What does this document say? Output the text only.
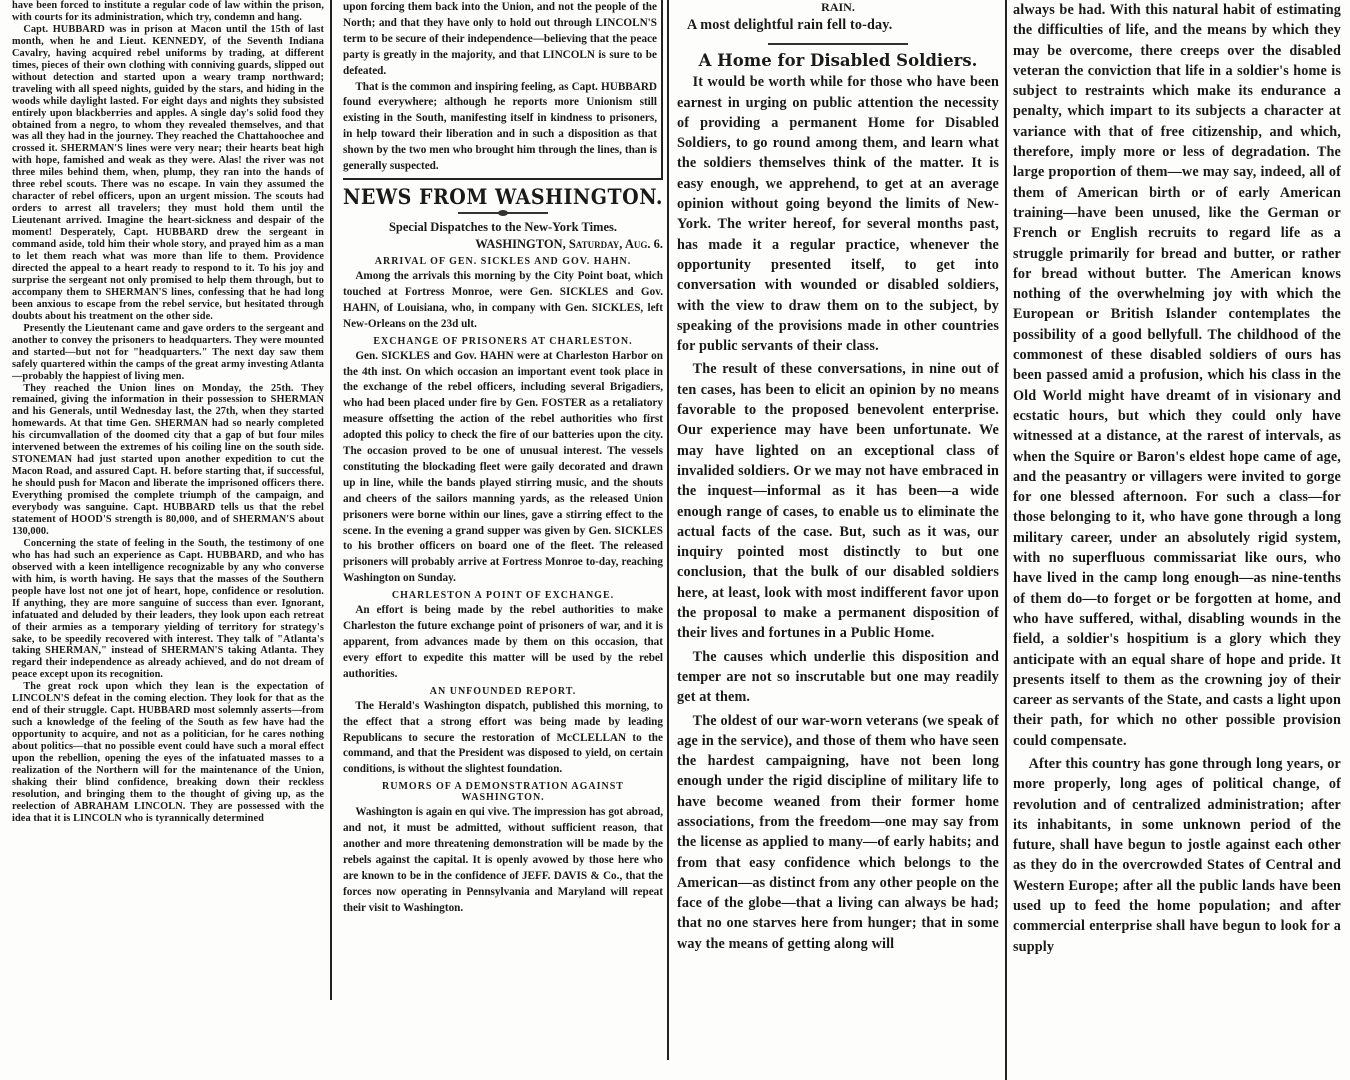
have been forced to institute a regular code of law within the prison, with courts for its administration, which try, condemn and hang.

Capt. HUBBARD was in prison at Macon until the 15th of last month, when he and Lieut. KENNEDY, of the Seventh Indiana Cavalry, having acquired rebel uniforms by trading, at different times, pieces of their own clothing with conniving guards, slipped out without detection and started upon a weary tramp northward; traveling with all speed nights, guided by the stars, and hiding in the woods while daylight lasted. For eight days and nights they subsisted entirely upon blackberries and apples. A single day's solid food they obtained from a negro, to whom they revealed themselves, and that was all they had in the journey. They reached the Chattahoochee and crossed it. SHERMAN'S lines were very near; their hearts beat high with hope, famished and weak as they were. Alas! the river was not three miles behind them, when, plump, they ran into the hands of three rebel scouts. There was no escape. In vain they assumed the character of rebel officers, upon an urgent mission. The scouts had orders to arrest all travelers; they must hold them until the Lieutenant arrived. Imagine the heart-sickness and despair of the moment! Desperately, Capt. HUBBARD drew the sergeant in command aside, told him their whole story, and prayed him as a man to let them reach what was more than life to them. Providence directed the appeal to a heart ready to respond to it. To his joy and surprise the sergeant not only promised to help them through, but to accompany them to SHERMAN'S lines, confessing that he had long been anxious to escape from the rebel service, but hesitated through doubts about his treatment on the other side.

Presently the Lieutenant came and gave orders to the sergeant and another to convey the prisoners to headquarters. They were mounted and started—but not for "headquarters." The next day saw them safely quartered within the camps of the great army investing Atlanta—probably the happiest of living men.

They reached the Union lines on Monday, the 25th. They remained, giving the information in their possession to SHERMAN and his Generals, until Wednesday last, the 27th, when they started homewards. At that time Gen. SHERMAN had so nearly completed his circumvallation of the doomed city that a gap of but four miles intervened between the extremes of his coiling line on the south side. STONEMAN had just started upon another expedition to cut the Macon Road, and assured Capt. H. before starting that, if successful, he should push for Macon and liberate the imprisoned officers there. Everything promised the complete triumph of the campaign, and everybody was sanguine. Capt. HUBBARD tells us that the rebel statement of HOOD'S strength is 80,000, and of SHERMAN'S about 130,000.

Concerning the state of feeling in the South, the testimony of one who has had such an experience as Capt. HUBBARD, and who has observed with a keen intelligence recognizable by any who converse with him, is worth having. He says that the masses of the Southern people have lost not one jot of heart, hope, confidence or resolution. If anything, they are more sanguine of success than ever. Ignorant, infatuated and deluded by their leaders, they look upon each retreat of their armies as a temporary yielding of territory for strategy's sake, to be speedily recovered with interest. They talk of "Atlanta's taking SHERMAN," instead of SHERMAN'S taking Atlanta. They regard their independence as already achieved, and do not dream of peace except upon its recognition.

The great rock upon which they lean is the expectation of LINCOLN'S defeat in the coming election. They look for that as the end of their struggle. Capt. HUBBARD most solemnly asserts—from such a knowledge of the feeling of the South as few have had the opportunity to acquire, and not as a politician, for he cares nothing about politics—that no possible event could have such a moral effect upon the rebellion, opening the eyes of the infatuated masses to a realization of the Northern will for the maintenance of the Union, shaking their blind confidence, breaking down their reckless resolution, and bringing them to the thought of giving up, as the reelection of ABRAHAM LINCOLN. They are possessed with the idea that it is LINCOLN who is tyrannically determined

upon forcing them back into the Union, and not the people of the North; and that they have only to hold out through LINCOLN'S term to be secure of their independence—believing that the peace party is greatly in the majority, and that LINCOLN is sure to be defeated.

That is the common and inspiring feeling, as Capt. HUBBARD found everywhere; although he reports more Unionism still existing in the South, manifesting itself in kindness to prisoners, in help toward their liberation and in such a disposition as that shown by the two men who brought him through the lines, than is generally suspected.

NEWS FROM WASHINGTON.
Special Dispatches to the New-York Times.
WASHINGTON, Saturday, Aug. 6.
ARRIVAL OF GEN. SICKLES AND GOV. HAHN.

Among the arrivals this morning by the City Point boat, which touched at Fortress Monroe, were Gen. SICKLES and Gov. HAHN, of Louisiana, who, in company with Gen. SICKLES, left New-Orleans on the 23d ult.

EXCHANGE OF PRISONERS AT CHARLESTON.

Gen. SICKLES and Gov. HAHN were at Charleston Harbor on the 4th inst. On which occasion an important event took place in the exchange of the rebel officers, including several Brigadiers, who had been placed under fire by Gen. FOSTER as a retaliatory measure offsetting the action of the rebel authorities who first adopted this policy to check the fire of our batteries upon the city. The occasion proved to be one of unusual interest. The vessels constituting the blockading fleet were gaily decorated and drawn up in line, while the bands played stirring music, and the shouts and cheers of the sailors manning yards, as the released Union prisoners were borne within our lines, gave a stirring effect to the scene. In the evening a grand supper was given by Gen. SICKLES to his brother officers on board one of the fleet. The released prisoners will probably arrive at Fortress Monroe to-day, reaching Washington on Sunday.

CHARLESTON A POINT OF EXCHANGE.

An effort is being made by the rebel authorities to make Charleston the future exchange point of prisoners of war, and it is apparent, from advances made by them on this occasion, that every effort to expedite this matter will be used by the rebel authorities.

AN UNFOUNDED REPORT.

The Herald's Washington dispatch, published this morning, to the effect that a strong effort was being made by leading Republicans to secure the restoration of McCLELLAN to the command, and that the President was disposed to yield, on certain conditions, is without the slightest foundation.

RUMORS OF A DEMONSTRATION AGAINST WASHINGTON.

Washington is again en qui vive. The impression has got abroad, and not, it must be admitted, without sufficient reason, that another and more threatening demonstration will be made by the rebels against the capital. It is openly avowed by those here who are known to be in the confidence of JEFF. DAVIS & Co., that the forces now operating in Pennsylvania and Maryland will repeat their visit to Washington.

RAIN.

A most delightful rain fell to-day.

A Home for Disabled Soldiers.

It would be worth while for those who have been earnest in urging on public attention the necessity of providing a permanent Home for Disabled Soldiers, to go round among them, and learn what the soldiers themselves think of the matter. It is easy enough, we apprehend, to get at an average opinion without going beyond the limits of New-York. The writer hereof, for several months past, has made it a regular practice, whenever the opportunity presented itself, to get into conversation with wounded or disabled soldiers, with the view to draw them on to the subject, by speaking of the provisions made in other countries for public servants of their class.

The result of these conversations, in nine out of ten cases, has been to elicit an opinion by no means favorable to the proposed benevolent enterprise. Our experience may have been unfortunate. We may have lighted on an exceptional class of invalided soldiers. Or we may not have embraced in the inquest—informal as it has been—a wide enough range of cases, to enable us to eliminate the actual facts of the case. But, such as it was, our inquiry pointed most distinctly to but one conclusion, that the bulk of our disabled soldiers here, at least, look with most indifferent favor upon the proposal to make a permanent disposition of their lives and fortunes in a Public Home.

The causes which underlie this disposition and temper are not so inscrutable but one may readily get at them.

The oldest of our war-worn veterans (we speak of age in the service), and those of them who have seen the hardest campaigning, have not been long enough under the rigid discipline of military life to have become weaned from their former home associations, from the freedom—one may say from the license as applied to many—of early habits; and from that easy confidence which belongs to the American—as distinct from any other people on the face of the globe—that a living can always be had; that no one starves here from hunger; that in some way the means of getting along will

always be had. With this natural habit of estimating the difficulties of life, and the means by which they may be overcome, there creeps over the disabled veteran the conviction that life in a soldier's home is subject to restraints which make its endurance a penalty, which impart to its subjects a character at variance with that of free citizenship, and which, therefore, imply more or less of degradation. The large proportion of them—we may say, indeed, all of them of American birth or of early American training—have been unused, like the German or French or English recruits to regard life as a struggle primarily for bread and butter, or rather for bread without butter. The American knows nothing of the overwhelming joy with which the European or British Islander contemplates the possibility of a good bellyfull. The childhood of the commonest of these disabled soldiers of ours has been passed amid a profusion, which his class in the Old World might have dreamt of in visionary and ecstatic hours, but which they could only have witnessed at a distance, at the rarest of intervals, as when the Squire or Baron's eldest hope came of age, and the peasantry or villagers were invited to gorge for one blessed afternoon. For such a class—for those belonging to it, who have gone through a long military career, under an absolutely rigid system, with no superfluous commissariat like ours, who have lived in the camp long enough—as nine-tenths of them do—to forget or be forgotten at home, and who have suffered, withal, disabling wounds in the field, a soldier's hospitium is a glory which they anticipate with an equal share of hope and pride. It presents itself to them as the crowning joy of their career as servants of the State, and casts a light upon their path, for which no other possible provision could compensate.

After this country has gone through long years, or more properly, long ages of political change, of revolution and of centralized administration; after its inhabitants, in some unknown period of the future, shall have begun to jostle against each other as they do in the overcrowded States of Central and Western Europe; after all the public lands have been used up to feed the home population; and after commercial enterprise shall have begun to look for a supply
